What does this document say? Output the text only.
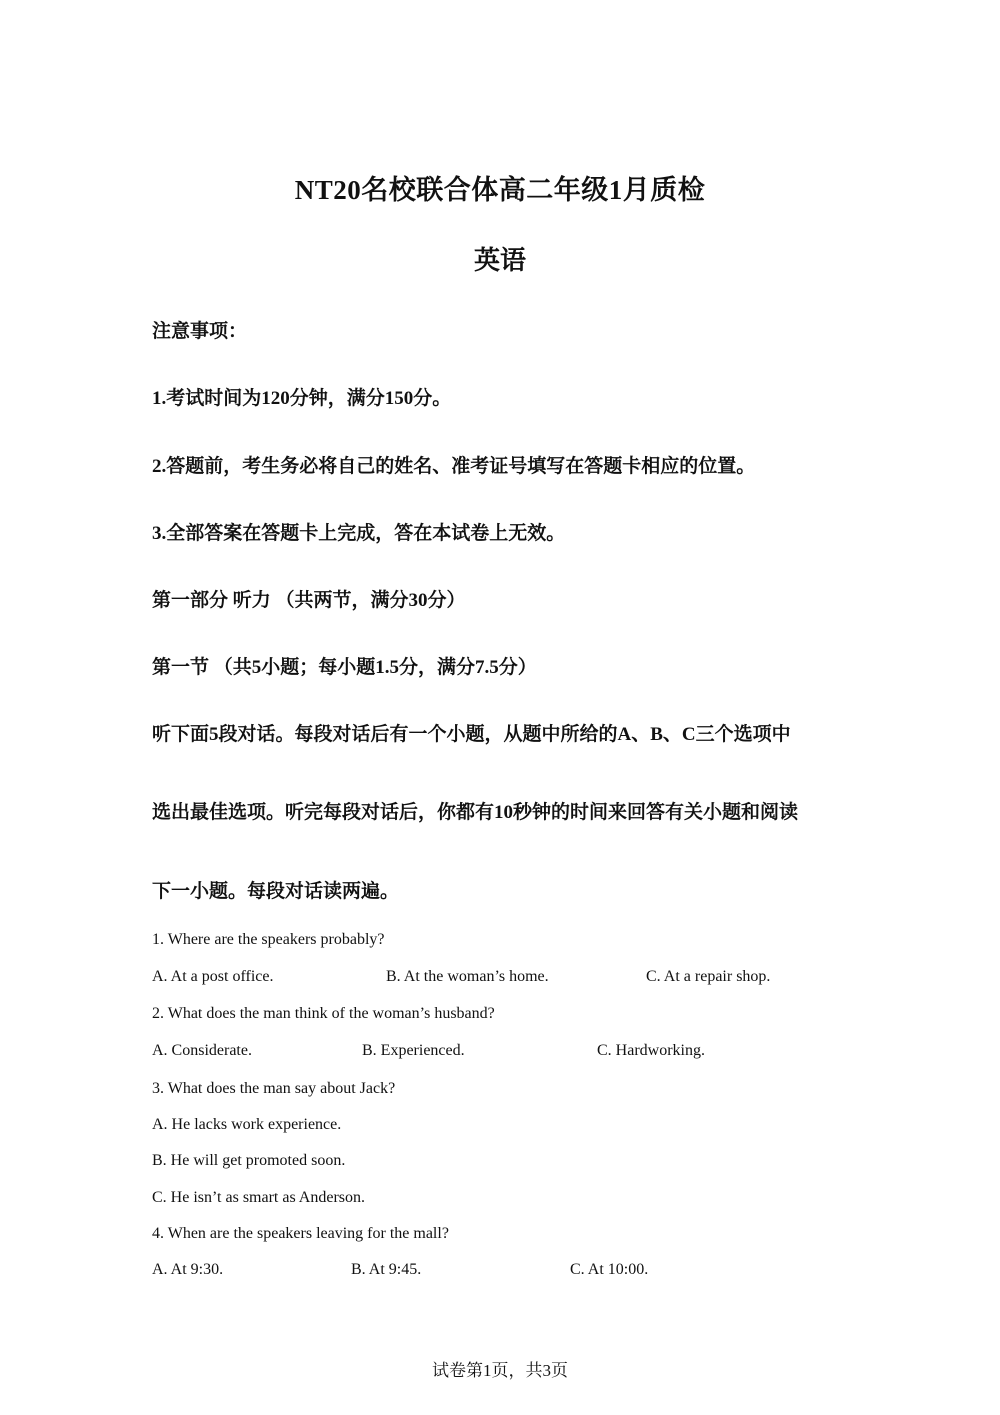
NT20名校联合体高二年级1月质检
英语
注意事项：
1.考试时间为120分钟，满分150分。
2.答题前，考生务必将自己的姓名、准考证号填写在答题卡相应的位置。
3.全部答案在答题卡上完成，答在本试卷上无效。
第一部分 听力 （共两节，满分30分）
第一节 （共5小题；每小题1.5分，满分7.5分）
听下面5段对话。每段对话后有一个小题，从题中所给的A、B、C三个选项中
选出最佳选项。听完每段对话后，你都有10秒钟的时间来回答有关小题和阅读
下一小题。每段对话读两遍。
1. Where are the speakers probably?
A. At a post office.	B. At the woman’s home.	C. At a repair shop.
2. What does the man think of the woman’s husband?
A. Considerate.	B. Experienced.	C. Hardworking.
3. What does the man say about Jack?
A. He lacks work experience.
B. He will get promoted soon.
C. He isn’t as smart as Anderson.
4. When are the speakers leaving for the mall?
A. At 9:30.	B. At 9:45.	C. At 10:00.
试卷第1页，共3页
